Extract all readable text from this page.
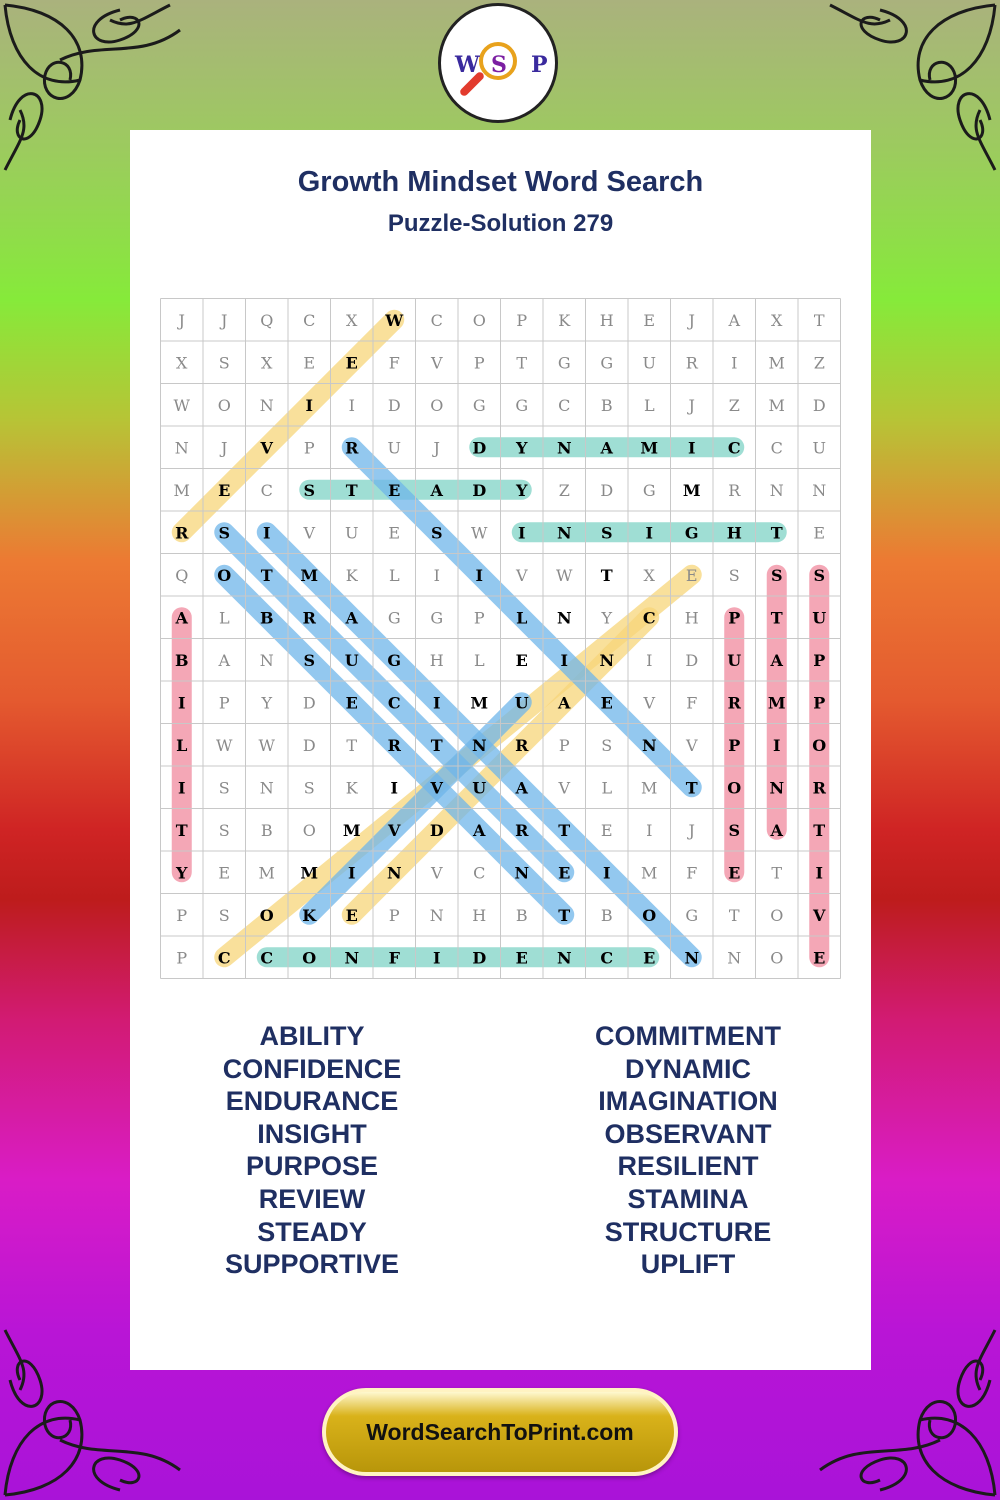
Growth Mindset Word Search
Puzzle-Solution 279
W S P
J J Q C X W C O P K H E J A X T
X S X E E F V P T G G U R I M Z
W O N I I D O G G C B L J Z M D
N J V P R U J D Y N A M I C C U
M E C S T E A D Y Z D G M R N N
R S I V U E S W I N S I G H T E
Q O T M K L I I V W T X E S S S
A L B R A G G P L N Y C H P T U
B A N S U G H L E I N I D U A P
I P Y D E C I M U A E V F R M P
L W W D T R T N R P S N V P I O
I S N S K I V U A V L M T O N R
T S B O M V D A R T E I J S A T
Y E M M I N V C N E I M F E T I
P S O K E P N H B T B O G T O V
P C C O N F I D E N C E N N O E
ABILITY
CONFIDENCE
ENDURANCE
INSIGHT
PURPOSE
REVIEW
STEADY
SUPPORTIVE
COMMITMENT
DYNAMIC
IMAGINATION
OBSERVANT
RESILIENT
STAMINA
STRUCTURE
UPLIFT
WordSearchToPrint.com
